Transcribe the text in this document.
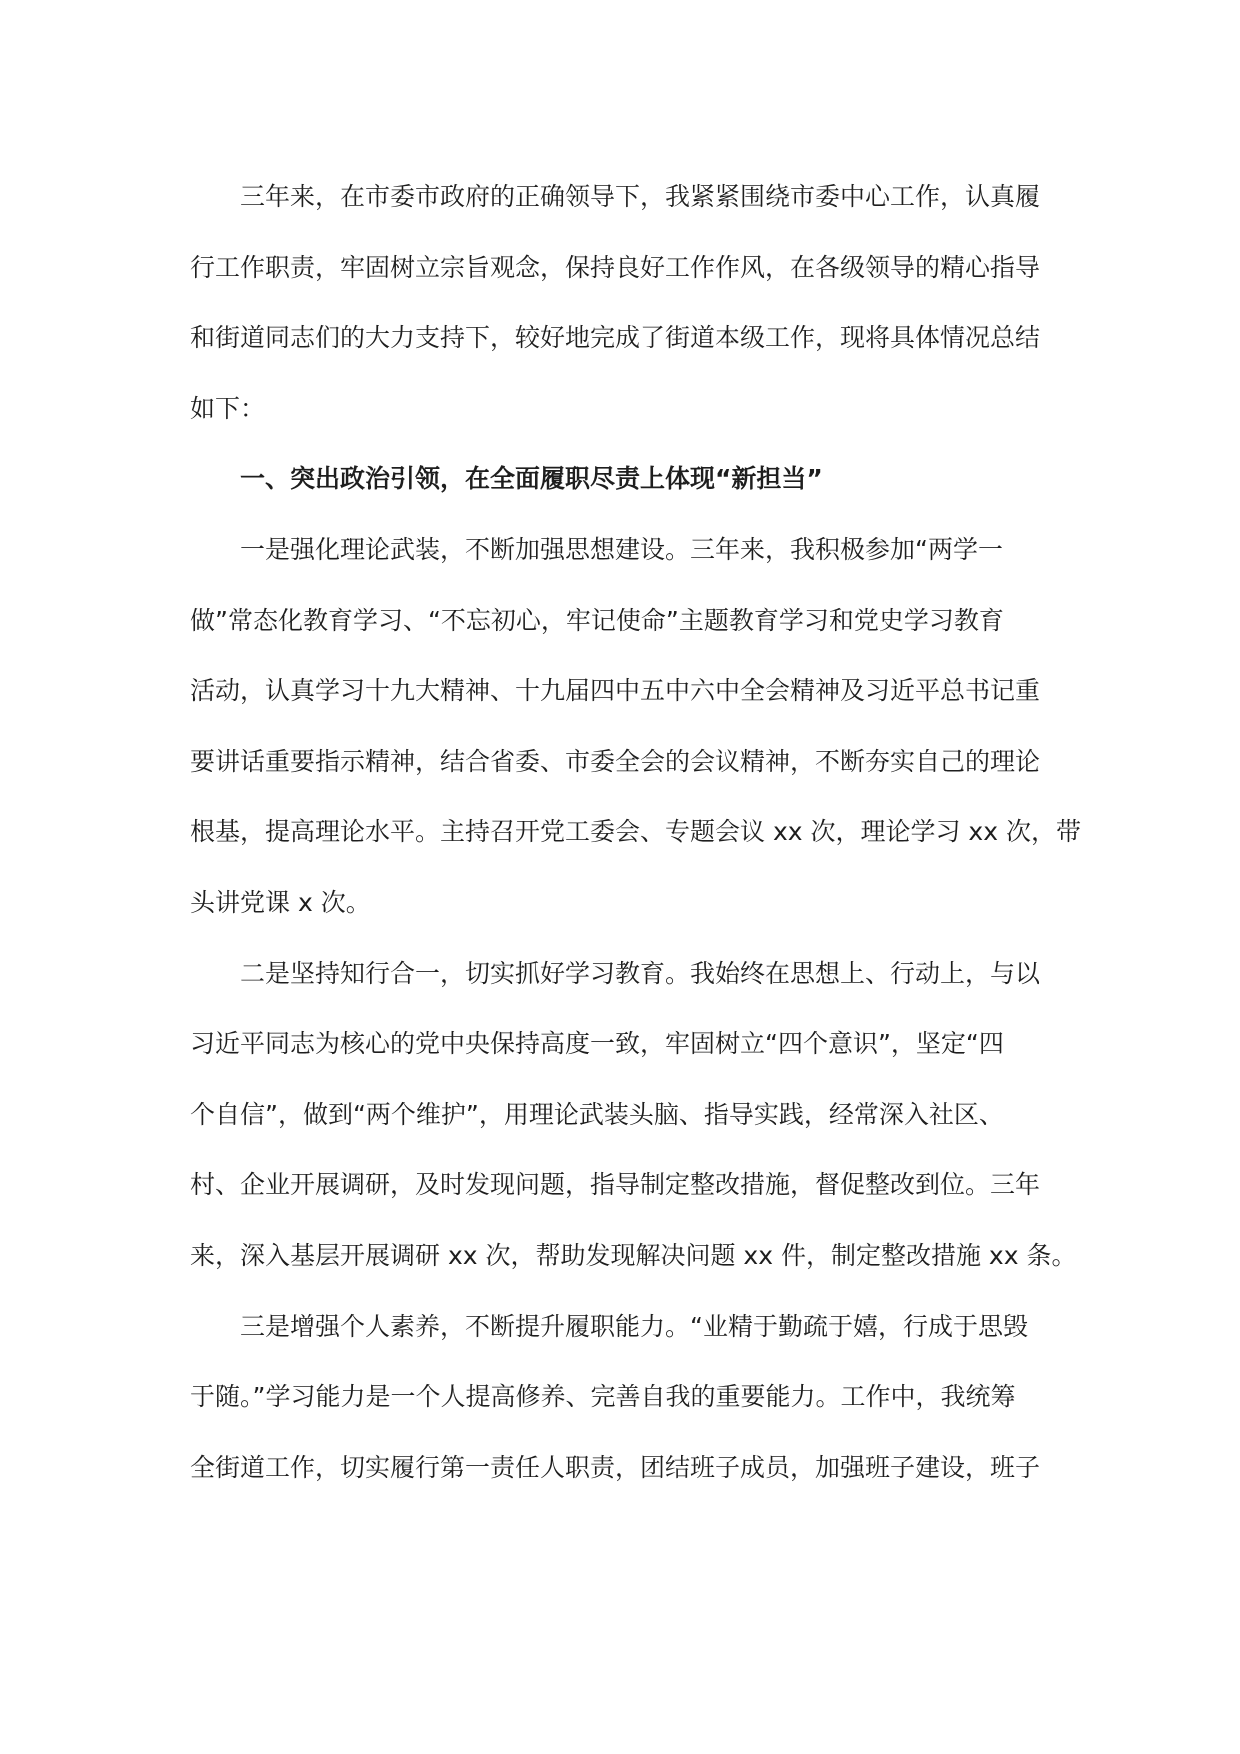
三年来，在市委市政府的正确领导下，我紧紧围绕市委中心工作，认真履
行工作职责，牢固树立宗旨观念，保持良好工作作风，在各级领导的精心指导
和街道同志们的大力支持下，较好地完成了街道本级工作，现将具体情况总结
如下：
一、突出政治引领，在全面履职尽责上体现“新担当”
一是强化理论武装，不断加强思想建设。三年来，我积极参加“两学一
做”常态化教育学习、“不忘初心，牢记使命”主题教育学习和党史学习教育
活动，认真学习十九大精神、十九届四中五中六中全会精神及习近平总书记重
要讲话重要指示精神，结合省委、市委全会的会议精神，不断夯实自己的理论
根基，提高理论水平。主持召开党工委会、专题会议 xx 次，理论学习 xx 次，带
头讲党课 x 次。
二是坚持知行合一，切实抓好学习教育。我始终在思想上、行动上，与以
习近平同志为核心的党中央保持高度一致，牢固树立“四个意识”，坚定“四
个自信”，做到“两个维护”，用理论武装头脑、指导实践，经常深入社区、
村、企业开展调研，及时发现问题，指导制定整改措施，督促整改到位。三年
来，深入基层开展调研 xx 次，帮助发现解决问题 xx 件，制定整改措施 xx 条。
三是增强个人素养，不断提升履职能力。“业精于勤疏于嬉，行成于思毁
于随。”学习能力是一个人提高修养、完善自我的重要能力。工作中，我统筹
全街道工作，切实履行第一责任人职责，团结班子成员，加强班子建设，班子
